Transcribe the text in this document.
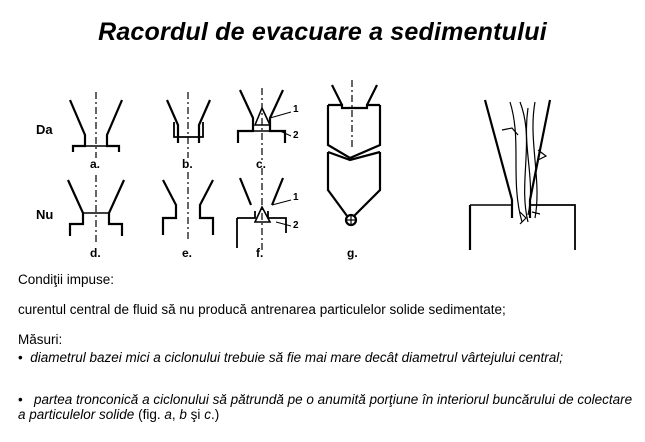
Racordul de evacuare a sedimentului
Da
Nu
a.	b.	c.
d.	e.	f.	g.
1
2
1
2
Condiţii impuse:
curentul central de fluid să nu producă antrenarea particulelor solide sedimentate;
Măsuri:
• diametrul bazei mici a ciclonului trebuie să fie mai mare decât diametrul vârtejului central;
• partea tronconică a ciclonului să pătrundă pe o anumită porţiune în interiorul buncărului de colectare a particulelor solide (fig. a, b şi c.)
